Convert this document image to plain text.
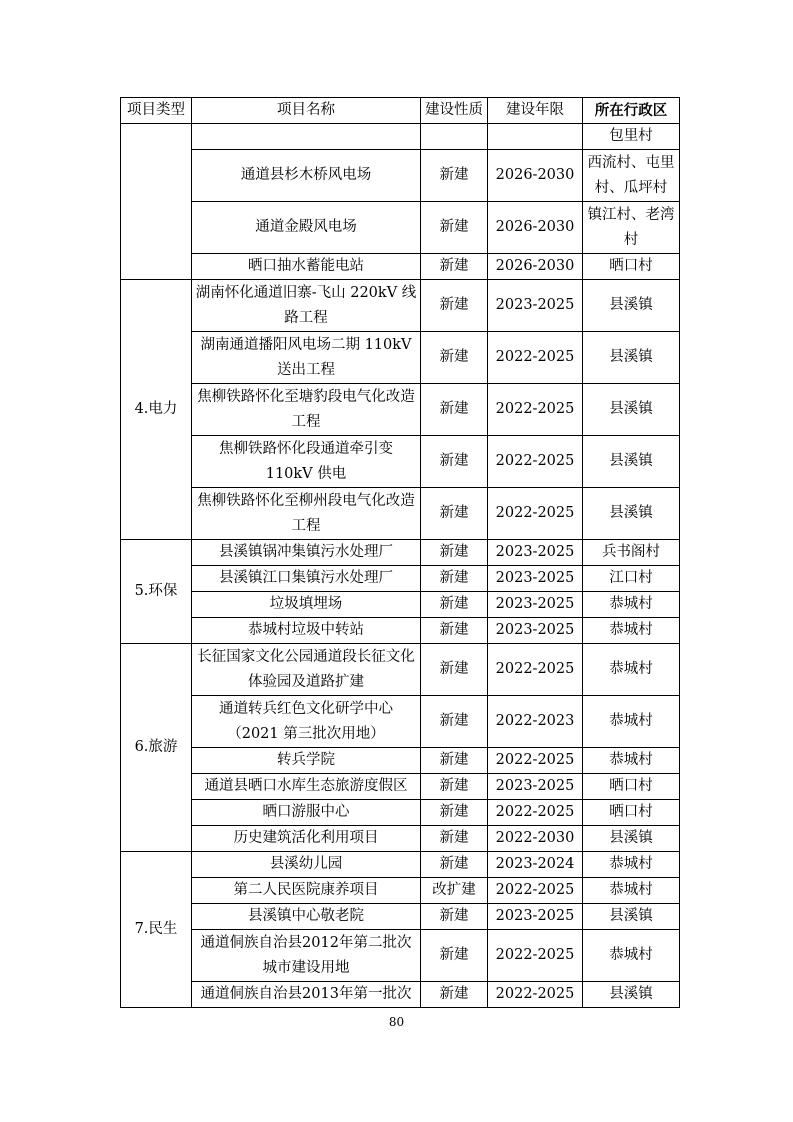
项目类型	项目名称	建设性质	建设年限	所在行政区
				包里村
	通道县杉木桥风电场	新建	2026-2030	西流村、屯里村、瓜坪村
	通道金殿风电场	新建	2026-2030	镇江村、老湾村
	晒口抽水蓄能电站	新建	2026-2030	晒口村
4.电力	湖南怀化通道旧寨-飞山 220kV 线路工程	新建	2023-2025	县溪镇
	湖南通道播阳风电场二期 110kV 送出工程	新建	2022-2025	县溪镇
	焦柳铁路怀化至塘豹段电气化改造工程	新建	2022-2025	县溪镇
	焦柳铁路怀化段通道牵引变 110kV 供电	新建	2022-2025	县溪镇
	焦柳铁路怀化至柳州段电气化改造工程	新建	2022-2025	县溪镇
5.环保	县溪镇锅冲集镇污水处理厂	新建	2023-2025	兵书阁村
	县溪镇江口集镇污水处理厂	新建	2023-2025	江口村
	垃圾填埋场	新建	2023-2025	恭城村
	恭城村垃圾中转站	新建	2023-2025	恭城村
6.旅游	长征国家文化公园通道段长征文化体验园及道路扩建	新建	2022-2025	恭城村
	通道转兵红色文化研学中心（2021 第三批次用地）	新建	2022-2023	恭城村
	转兵学院	新建	2022-2025	恭城村
	通道县晒口水库生态旅游度假区	新建	2023-2025	晒口村
	晒口游服中心	新建	2022-2025	晒口村
	历史建筑活化利用项目	新建	2022-2030	县溪镇
7.民生	县溪幼儿园	新建	2023-2024	恭城村
	第二人民医院康养项目	改扩建	2022-2025	恭城村
	县溪镇中心敬老院	新建	2023-2025	县溪镇
	通道侗族自治县2012年第二批次城市建设用地	新建	2022-2025	恭城村
	通道侗族自治县2013年第一批次	新建	2022-2025	县溪镇
80
